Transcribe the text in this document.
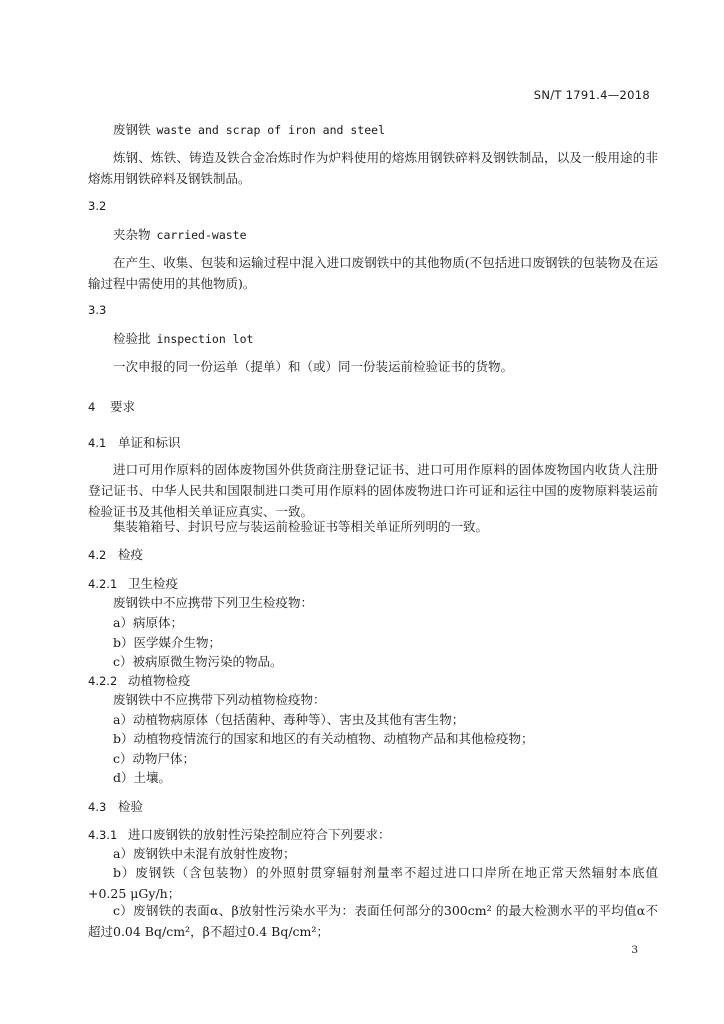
SN/T 1791.4—2018
废钢铁 waste and scrap of iron and steel
炼钢、炼铁、铸造及铁合金冶炼时作为炉料使用的熔炼用钢铁碎料及钢铁制品，以及一般用途的非熔炼用钢铁碎料及钢铁制品。
3.2
夹杂物 carried-waste
在产生、收集、包装和运输过程中混入进口废钢铁中的其他物质(不包括进口废钢铁的包装物及在运输过程中需使用的其他物质)。
3.3
检验批 inspection lot
一次申报的同一份运单（提单）和（或）同一份装运前检验证书的货物。
4 要求
4.1 单证和标识
进口可用作原料的固体废物国外供货商注册登记证书、进口可用作原料的固体废物国内收货人注册登记证书、中华人民共和国限制进口类可用作原料的固体废物进口许可证和运往中国的废物原料装运前检验证书及其他相关单证应真实、一致。
集装箱箱号、封识号应与装运前检验证书等相关单证所列明的一致。
4.2 检疫
4.2.1 卫生检疫
废钢铁中不应携带下列卫生检疫物：
a）病原体；
b）医学媒介生物；
c）被病原微生物污染的物品。
4.2.2 动植物检疫
废钢铁中不应携带下列动植物检疫物：
a）动植物病原体（包括菌种、毒种等）、害虫及其他有害生物；
b）动植物疫情流行的国家和地区的有关动植物、动植物产品和其他检疫物；
c）动物尸体；
d）土壤。
4.3 检验
4.3.1 进口废钢铁的放射性污染控制应符合下列要求：
a）废钢铁中未混有放射性废物；
b）废钢铁（含包装物）的外照射贯穿辐射剂量率不超过进口口岸所在地正常天然辐射本底值+0.25 μGy/h；
c）废钢铁的表面α、β放射性污染水平为：表面任何部分的300cm² 的最大检测水平的平均值α不超过0.04 Bq/cm²，β不超过0.4 Bq/cm²；
3
